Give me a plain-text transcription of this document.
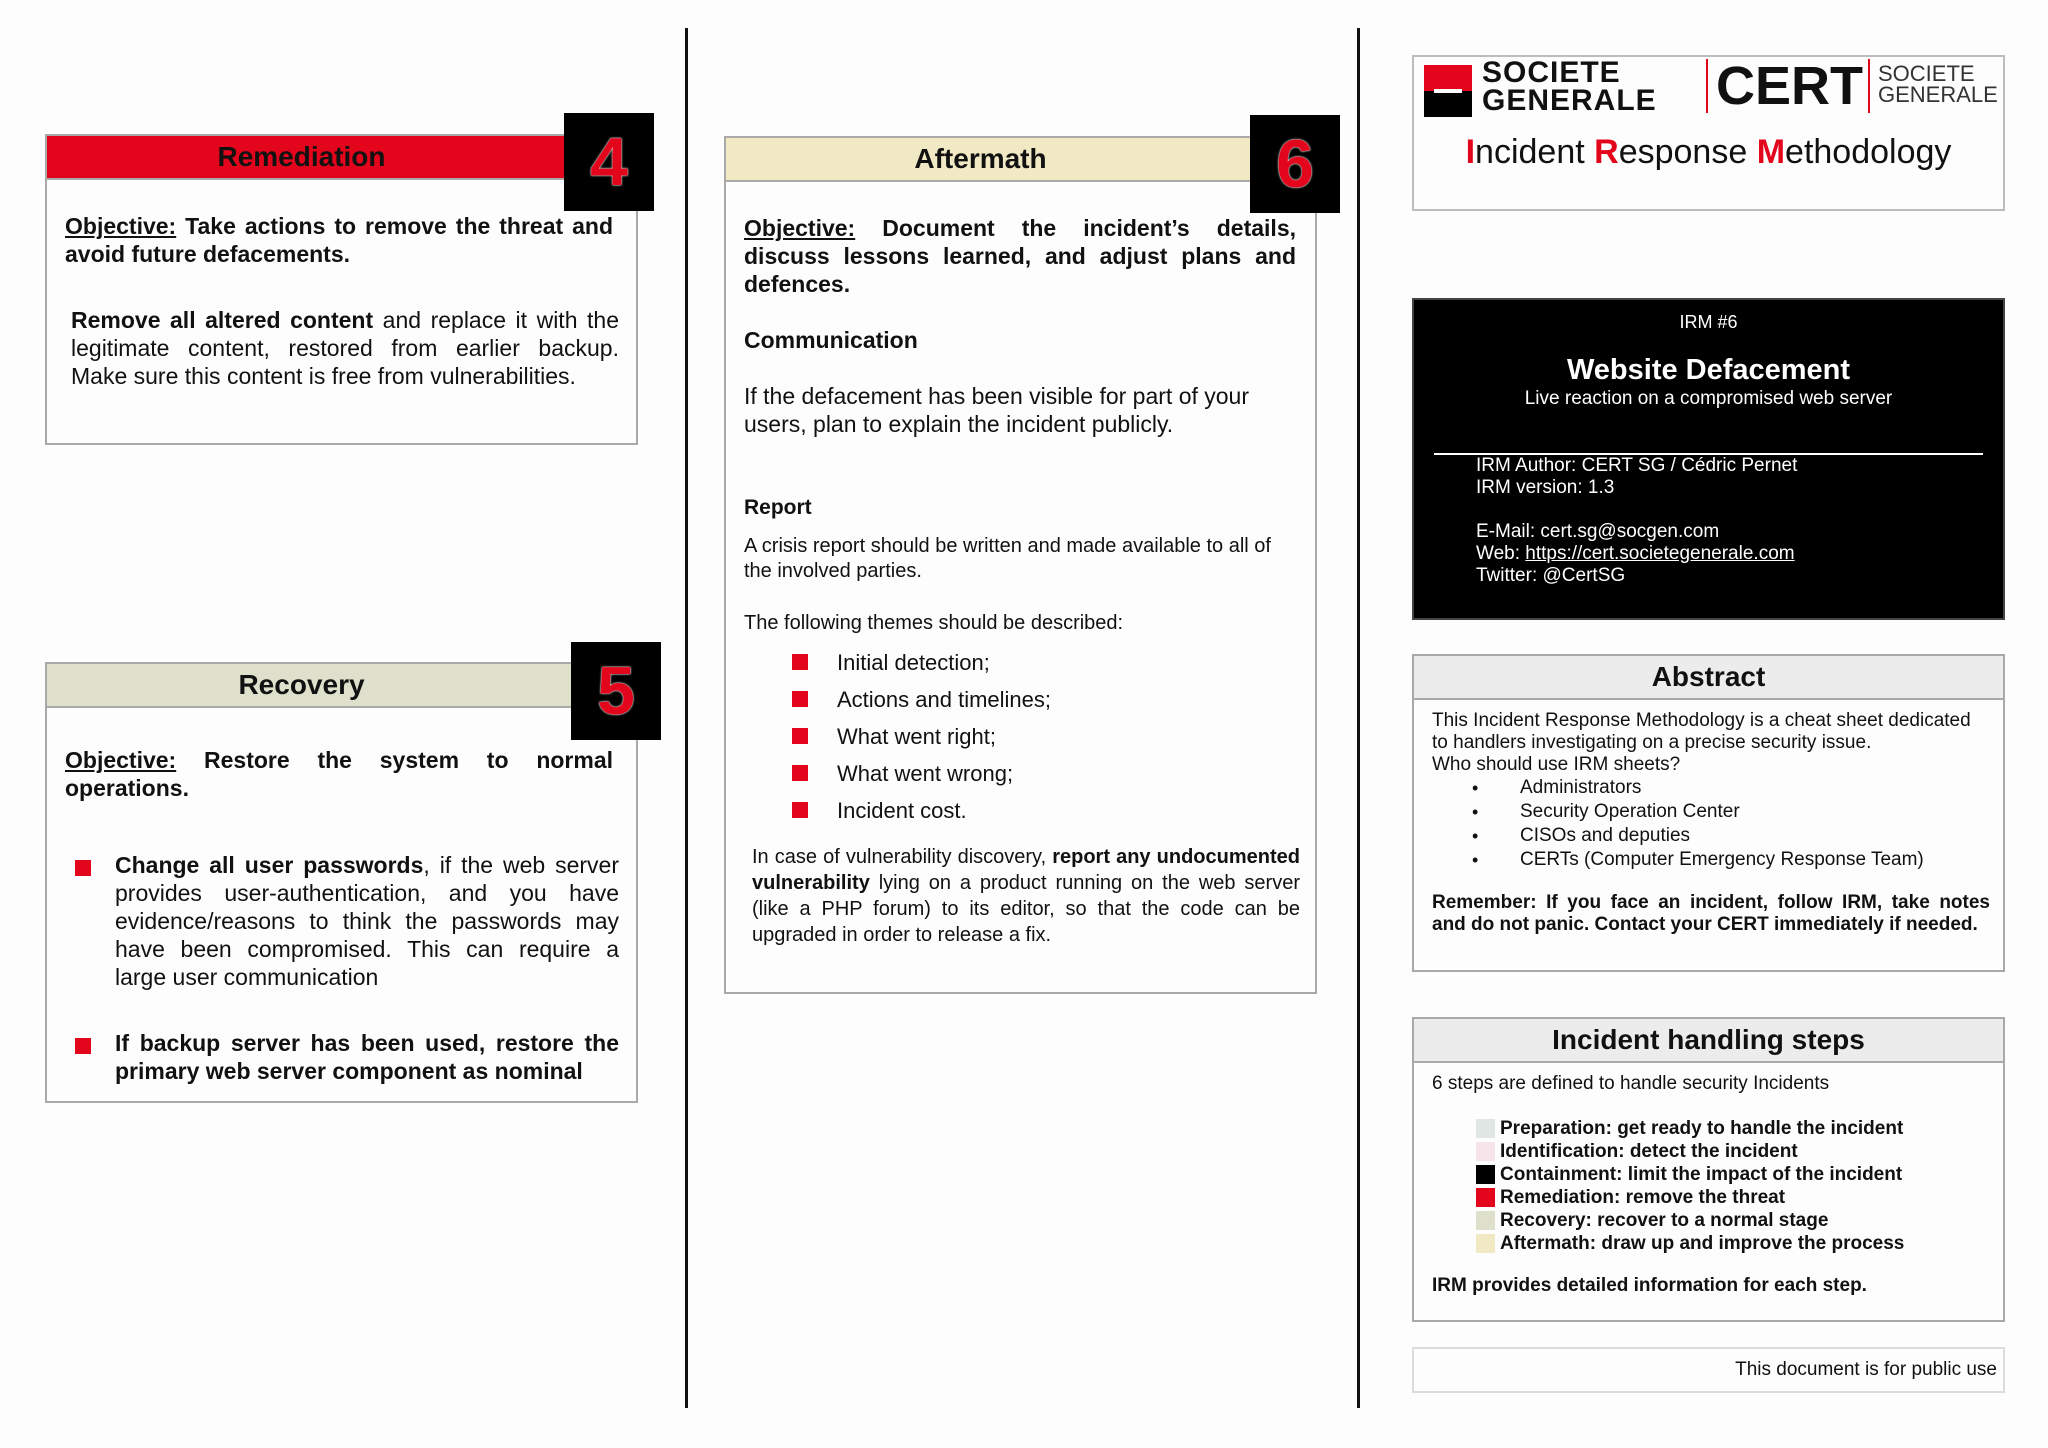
Remediation
Objective: Take actions to remove the threat and avoid future defacements.
Remove all altered content and replace it with the legitimate content, restored from earlier backup. Make sure this content is free from vulnerabilities.
4
Recovery
Objective: Restore the system to normal operations.
Change all user passwords, if the web server provides user-authentication, and you have evidence/reasons to think the passwords may have been compromised. This can require a large user communication
If backup server has been used, restore the primary web server component as nominal
5
Aftermath
Objective: Document the incident’s details, discuss lessons learned, and adjust plans and defences.
Communication
If the defacement has been visible for part of your users, plan to explain the incident publicly.
Report
A crisis report should be written and made available to all of the involved parties.
The following themes should be described:
Initial detection;
Actions and timelines;
What went right;
What went wrong;
Incident cost.
In case of vulnerability discovery, report any undocumented vulnerability lying on a product running on the web server (like a PHP forum) to its editor, so that the code can be upgraded in order to release a fix.
6
SOCIETE
GENERALE CERT SOCIETE
GENERALE
Incident Response Methodology
IRM #6
Website Defacement
Live reaction on a compromised web server
IRM Author: CERT SG / Cédric Pernet
IRM version: 1.3
E-Mail: cert.sg@socgen.com
Web: https://cert.societegenerale.com
Twitter: @CertSG
Abstract
This Incident Response Methodology is a cheat sheet dedicated to handlers investigating on a precise security issue.
Who should use IRM sheets?
• Administrators
• Security Operation Center
• CISOs and deputies
• CERTs (Computer Emergency Response Team)
Remember: If you face an incident, follow IRM, take notes and do not panic. Contact your CERT immediately if needed.
Incident handling steps
6 steps are defined to handle security Incidents
Preparation: get ready to handle the incident
Identification: detect the incident
Containment: limit the impact of the incident
Remediation: remove the threat
Recovery: recover to a normal stage
Aftermath: draw up and improve the process
IRM provides detailed information for each step.
This document is for public use
